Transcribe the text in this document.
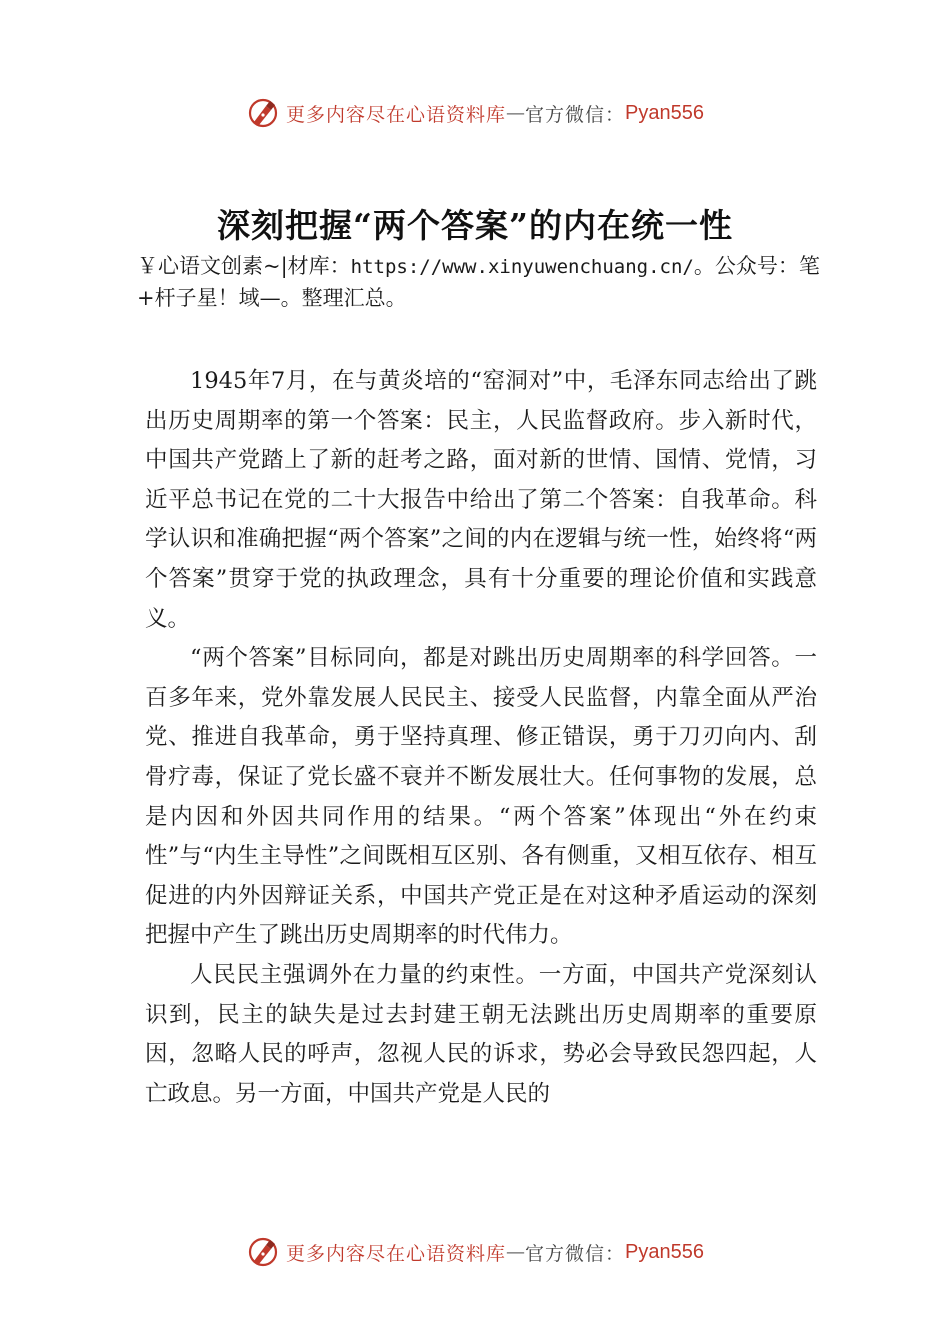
更多内容尽在心语资料库 — 官方微信： Pyan556
深刻把握“两个答案”的内在统一性

￥心语文创素~|材库：https://www.xinyuwenchuang.cn/。公众号：笔+杆子星！域—。整理汇总。

1945年7月，在与黄炎培的“窑洞对”中，毛泽东同志给出了跳出历史周期率的第一个答案：民主，人民监督政府。步入新时代，中国共产党踏上了新的赶考之路，面对新的世情、国情、党情，习近平总书记在党的二十大报告中给出了第二个答案：自我革命。科学认识和准确把握“两个答案”之间的内在逻辑与统一性，始终将“两个答案”贯穿于党的执政理念，具有十分重要的理论价值和实践意义。

“两个答案”目标同向，都是对跳出历史周期率的科学回答。一百多年来，党外靠发展人民民主、接受人民监督，内靠全面从严治党、推进自我革命，勇于坚持真理、修正错误，勇于刀刃向内、刮骨疗毒，保证了党长盛不衰并不断发展壮大。任何事物的发展，总是内因和外因共同作用的结果。“两个答案”体现出“外在约束性”与“内生主导性”之间既相互区别、各有侧重，又相互依存、相互促进的内外因辩证关系，中国共产党正是在对这种矛盾运动的深刻把握中产生了跳出历史周期率的时代伟力。

人民民主强调外在力量的约束性。一方面，中国共产党深刻认识到，民主的缺失是过去封建王朝无法跳出历史周期率的重要原因，忽略人民的呼声，忽视人民的诉求，势必会导致民怨四起，人亡政息。另一方面，中国共产党是人民的

更多内容尽在心语资料库 — 官方微信： Pyan556
